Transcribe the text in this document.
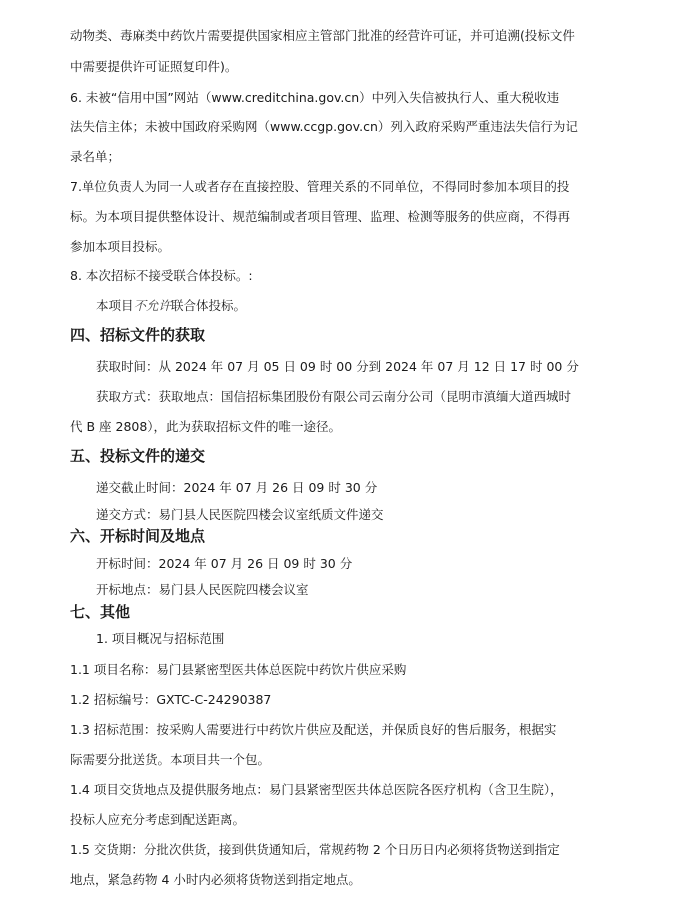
动物类、毒麻类中药饮片需要提供国家相应主管部门批准的经营许可证，并可追溯(投标文件
中需要提供许可证照复印件)。
6. 未被“信用中国”网站（www.creditchina.gov.cn）中列入失信被执行人、重大税收违
法失信主体；未被中国政府采购网（www.ccgp.gov.cn）列入政府采购严重违法失信行为记
录名单；
7.单位负责人为同一人或者存在直接控股、管理关系的不同单位，不得同时参加本项目的投
标。为本项目提供整体设计、规范编制或者项目管理、监理、检测等服务的供应商，不得再
参加本项目投标。
8. 本次招标不接受联合体投标。:
本项目不允许联合体投标。
四、招标文件的获取
获取时间：从 2024 年 07 月 05 日 09 时 00 分到 2024 年 07 月 12 日 17 时 00 分
获取方式：获取地点：国信招标集团股份有限公司云南分公司（昆明市滇缅大道西城时
代 B 座 2808），此为获取招标文件的唯一途径。
五、投标文件的递交
递交截止时间：2024 年 07 月 26 日 09 时 30 分
递交方式：易门县人民医院四楼会议室纸质文件递交
六、开标时间及地点
开标时间：2024 年 07 月 26 日 09 时 30 分
开标地点：易门县人民医院四楼会议室
七、其他
1. 项目概况与招标范围
1.1 项目名称：易门县紧密型医共体总医院中药饮片供应采购
1.2 招标编号：GXTC-C-24290387
1.3 招标范围：按采购人需要进行中药饮片供应及配送，并保质良好的售后服务，根据实
际需要分批送货。本项目共一个包。
1.4 项目交货地点及提供服务地点：易门县紧密型医共体总医院各医疗机构（含卫生院），
投标人应充分考虑到配送距离。
1.5 交货期：分批次供货，接到供货通知后，常规药物 2 个日历日内必须将货物送到指定
地点，紧急药物 4 小时内必须将货物送到指定地点。
